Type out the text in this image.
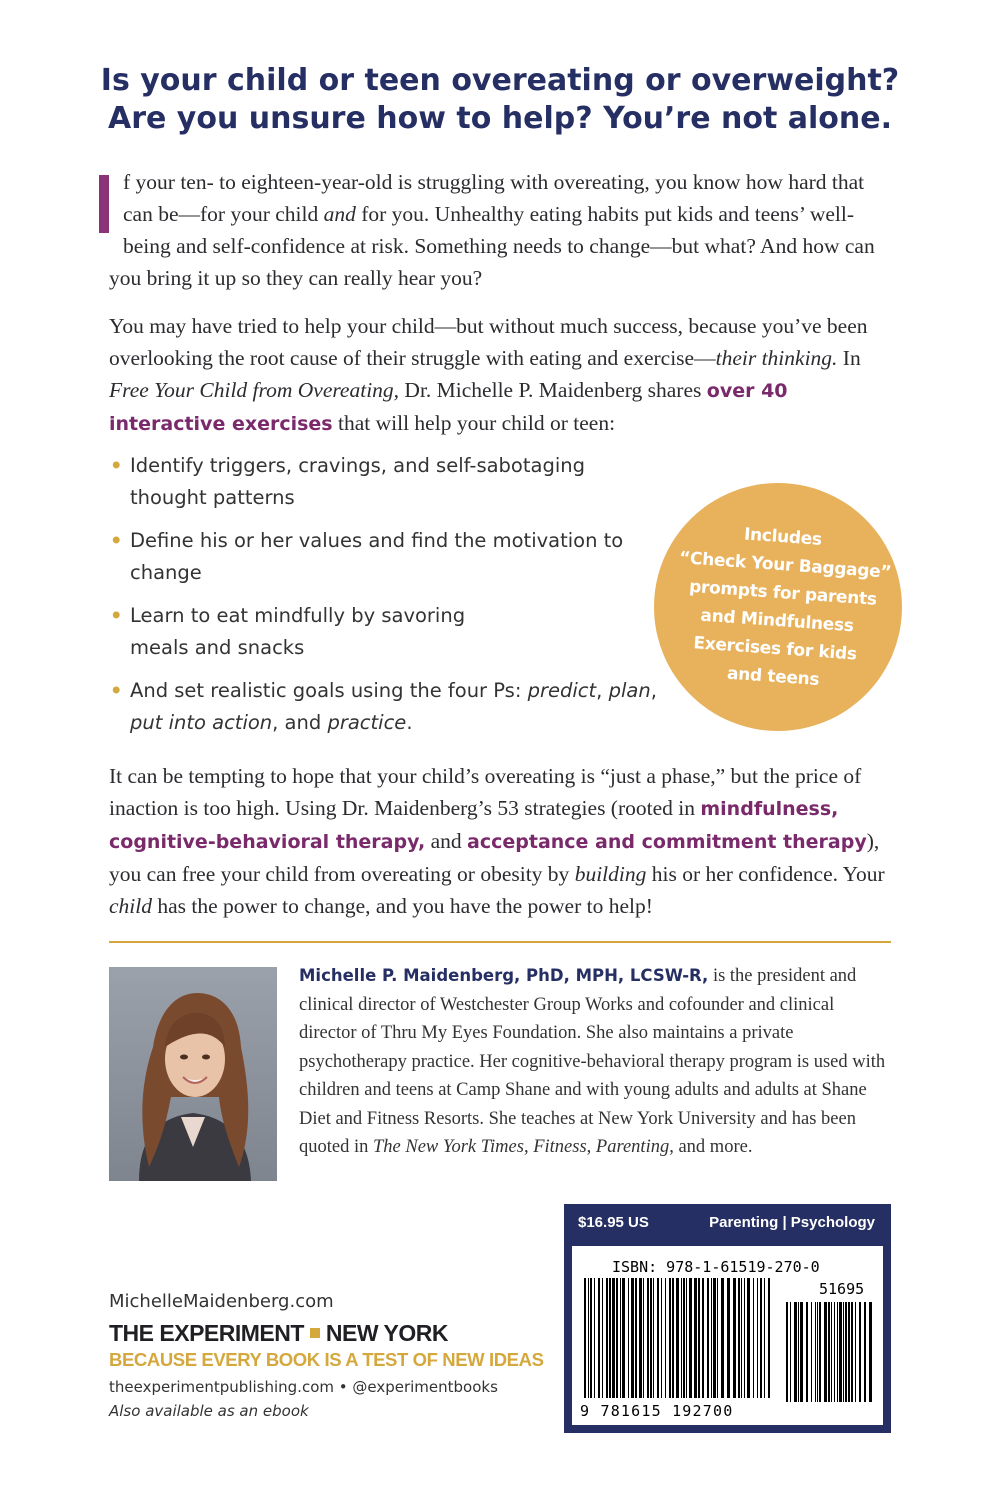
Is your child or teen overeating or overweight?
Are you unsure how to help? You’re not alone.
f your ten- to eighteen-year-old is struggling with overeating, you know how hard that can be—for your child and for you. Unhealthy eating habits put kids and teens’ well-being and self-confidence at risk. Something needs to change—but what? And how can you bring it up so they can really hear you?
You may have tried to help your child—but without much success, because you’ve been overlooking the root cause of their struggle with eating and exercise—their thinking. In Free Your Child from Overeating, Dr. Michelle P. Maidenberg shares over 40 interactive exercises that will help your child or teen:
• Identify triggers, cravings, and self-sabotaging thought patterns
• Define his or her values and find the motivation to change
• Learn to eat mindfully by savoring meals and snacks
• And set realistic goals using the four Ps: predict, plan, put into action, and practice.
Includes
“Check Your Baggage”
prompts for parents
and Mindfulness
Exercises for kids
and teens
It can be tempting to hope that your child’s overeating is “just a phase,” but the price of inaction is too high. Using Dr. Maidenberg’s 53 strategies (rooted in mindfulness, cognitive-behavioral therapy, and acceptance and commitment therapy), you can free your child from overeating or obesity by building his or her confidence. Your child has the power to change, and you have the power to help!
Michelle P. Maidenberg, PhD, MPH, LCSW-R, is the president and clinical director of Westchester Group Works and cofounder and clinical director of Thru My Eyes Foundation. She also maintains a private psychotherapy practice. Her cognitive-behavioral therapy program is used with children and teens at Camp Shane and with young adults and adults at Shane Diet and Fitness Resorts. She teaches at New York University and has been quoted in The New York Times, Fitness, Parenting, and more.
$16.95 US	Parenting | Psychology
ISBN: 978-1-61519-270-0
51695
9 781615 192700
MichelleMaidenberg.com
THE EXPERIMENT NEW YORK
BECAUSE EVERY BOOK IS A TEST OF NEW IDEAS
theexperimentpublishing.com • @experimentbooks
Also available as an ebook
